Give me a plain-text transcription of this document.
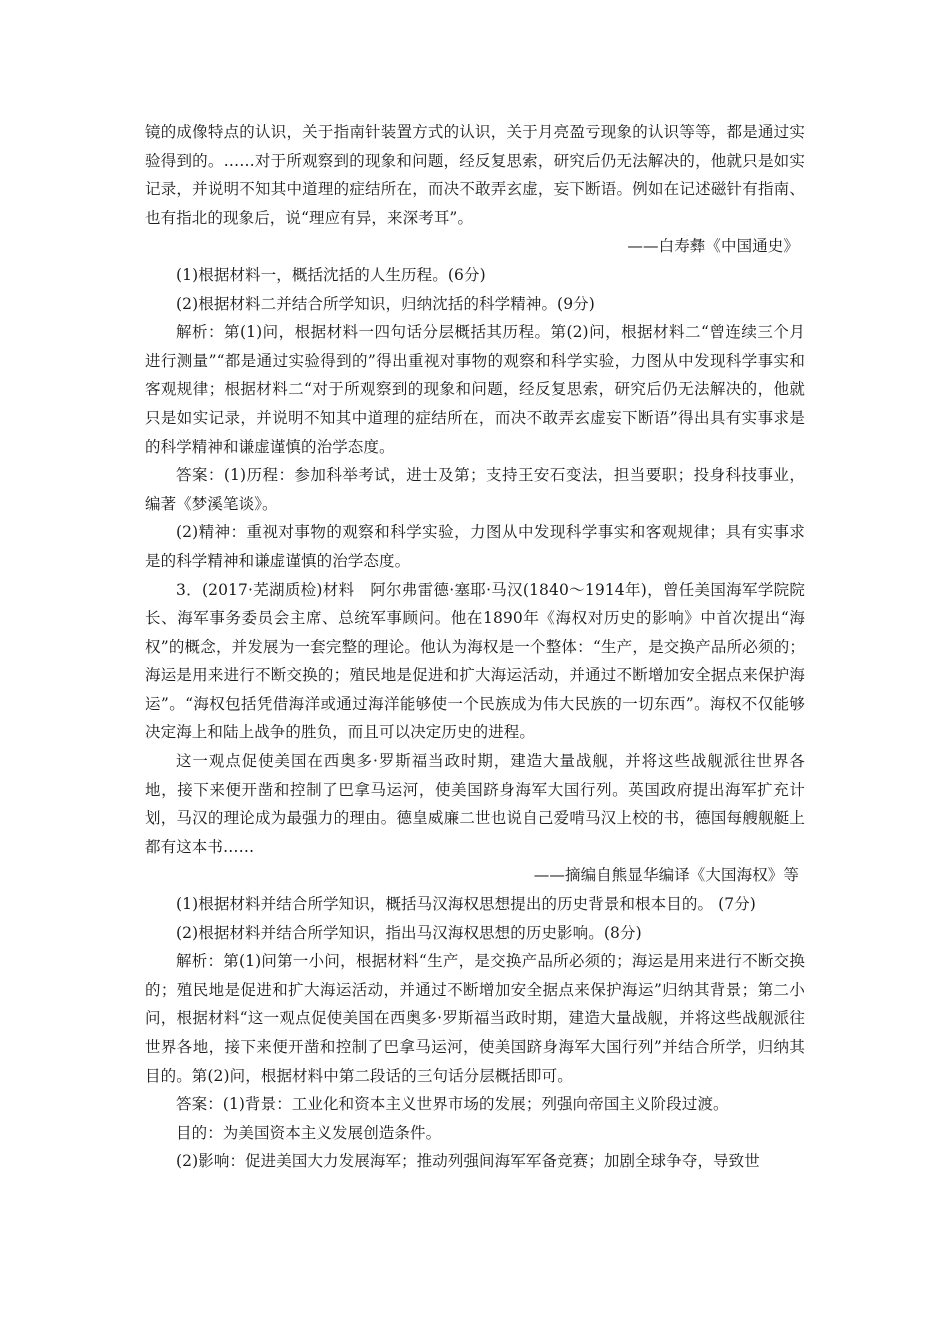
镜的成像特点的认识，关于指南针装置方式的认识，关于月亮盈亏现象的认识等等，都是通过实验得到的。……对于所观察到的现象和问题，经反复思索，研究后仍无法解决的，他就只是如实记录，并说明不知其中道理的症结所在，而决不敢弄玄虚，妄下断语。例如在记述磁针有指南、也有指北的现象后，说“理应有异，来深考耳”。

——白寿彝《中国通史》

(1)根据材料一，概括沈括的人生历程。(6分)

(2)根据材料二并结合所学知识，归纳沈括的科学精神。(9分)

解析：第(1)问，根据材料一四句话分层概括其历程。第(2)问，根据材料二“曾连续三个月进行测量”“都是通过实验得到的”得出重视对事物的观察和科学实验，力图从中发现科学事实和客观规律；根据材料二“对于所观察到的现象和问题，经反复思索，研究后仍无法解决的，他就只是如实记录，并说明不知其中道理的症结所在，而决不敢弄玄虚妄下断语”得出具有实事求是的科学精神和谦虚谨慎的治学态度。

答案：(1)历程：参加科举考试，进士及第；支持王安石变法，担当要职；投身科技事业，编著《梦溪笔谈》。

(2)精神：重视对事物的观察和科学实验，力图从中发现科学事实和客观规律；具有实事求是的科学精神和谦虚谨慎的治学态度。

3．(2017·芜湖质检)材料　阿尔弗雷德·塞耶·马汉(1840～1914年)，曾任美国海军学院院长、海军事务委员会主席、总统军事顾问。他在1890年《海权对历史的影响》中首次提出“海权”的概念，并发展为一套完整的理论。他认为海权是一个整体：“生产，是交换产品所必须的；海运是用来进行不断交换的；殖民地是促进和扩大海运活动，并通过不断增加安全据点来保护海运”。“海权包括凭借海洋或通过海洋能够使一个民族成为伟大民族的一切东西”。海权不仅能够决定海上和陆上战争的胜负，而且可以决定历史的进程。

这一观点促使美国在西奥多·罗斯福当政时期，建造大量战舰，并将这些战舰派往世界各地，接下来便开凿和控制了巴拿马运河，使美国跻身海军大国行列。英国政府提出海军扩充计划，马汉的理论成为最强力的理由。德皇威廉二世也说自己爱啃马汉上校的书，德国每艘舰艇上都有这本书……

——摘编自熊显华编译《大国海权》等

(1)根据材料并结合所学知识，概括马汉海权思想提出的历史背景和根本目的。 (7分)

(2)根据材料并结合所学知识，指出马汉海权思想的历史影响。(8分)

解析：第(1)问第一小问，根据材料“生产，是交换产品所必须的；海运是用来进行不断交换的；殖民地是促进和扩大海运活动，并通过不断增加安全据点来保护海运”归纳其背景；第二小问，根据材料“这一观点促使美国在西奥多·罗斯福当政时期，建造大量战舰，并将这些战舰派往世界各地，接下来便开凿和控制了巴拿马运河，使美国跻身海军大国行列”并结合所学，归纳其目的。第(2)问，根据材料中第二段话的三句话分层概括即可。

答案：(1)背景：工业化和资本主义世界市场的发展；列强向帝国主义阶段过渡。

目的：为美国资本主义发展创造条件。

(2)影响：促进美国大力发展海军；推动列强间海军军备竞赛；加剧全球争夺，导致世
